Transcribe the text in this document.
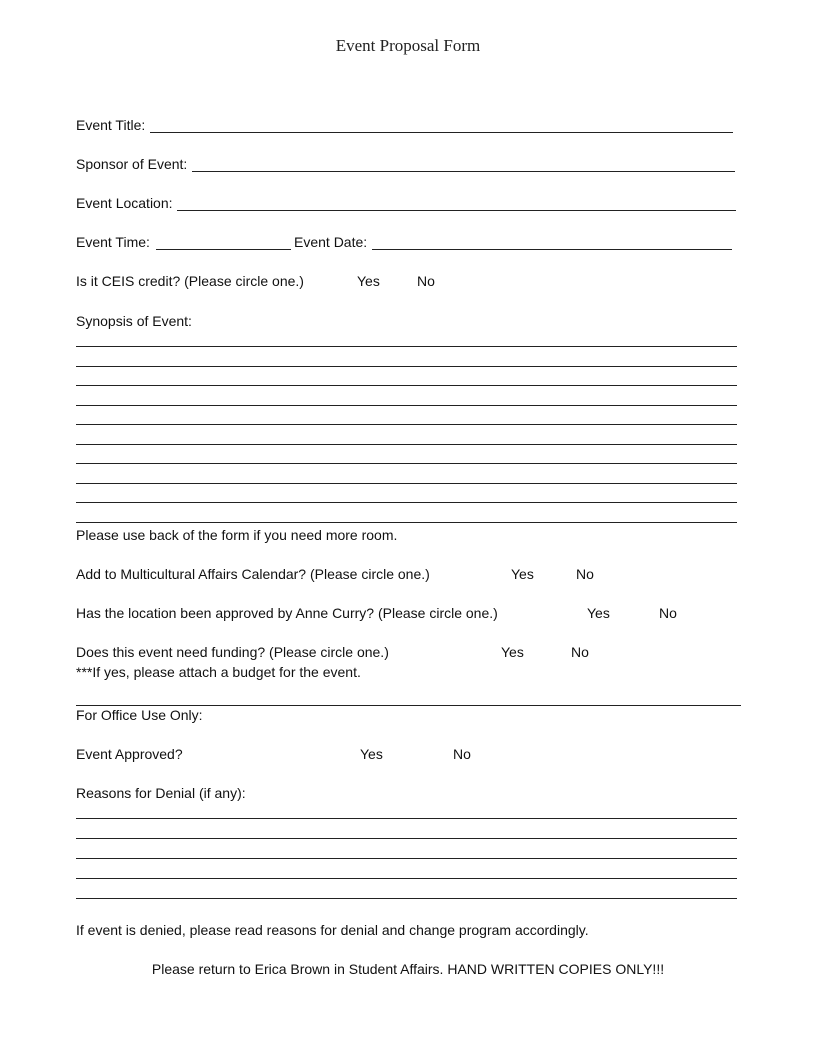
Event Proposal Form
Event Title:
Sponsor of Event:
Event Location:
Event Time:	Event Date:
Is it CEIS credit? (Please circle one.)	Yes	No
Synopsis of Event:
Please use back of the form if you need more room.
Add to Multicultural Affairs Calendar? (Please circle one.)	Yes	No
Has the location been approved by Anne Curry? (Please circle one.)	Yes	No
Does this event need funding? (Please circle one.)	Yes	No
***If yes, please attach a budget for the event.
For Office Use Only:
Event Approved?	Yes	No
Reasons for Denial (if any):
If event is denied, please read reasons for denial and change program accordingly.
Please return to Erica Brown in Student Affairs. HAND WRITTEN COPIES ONLY!!!
